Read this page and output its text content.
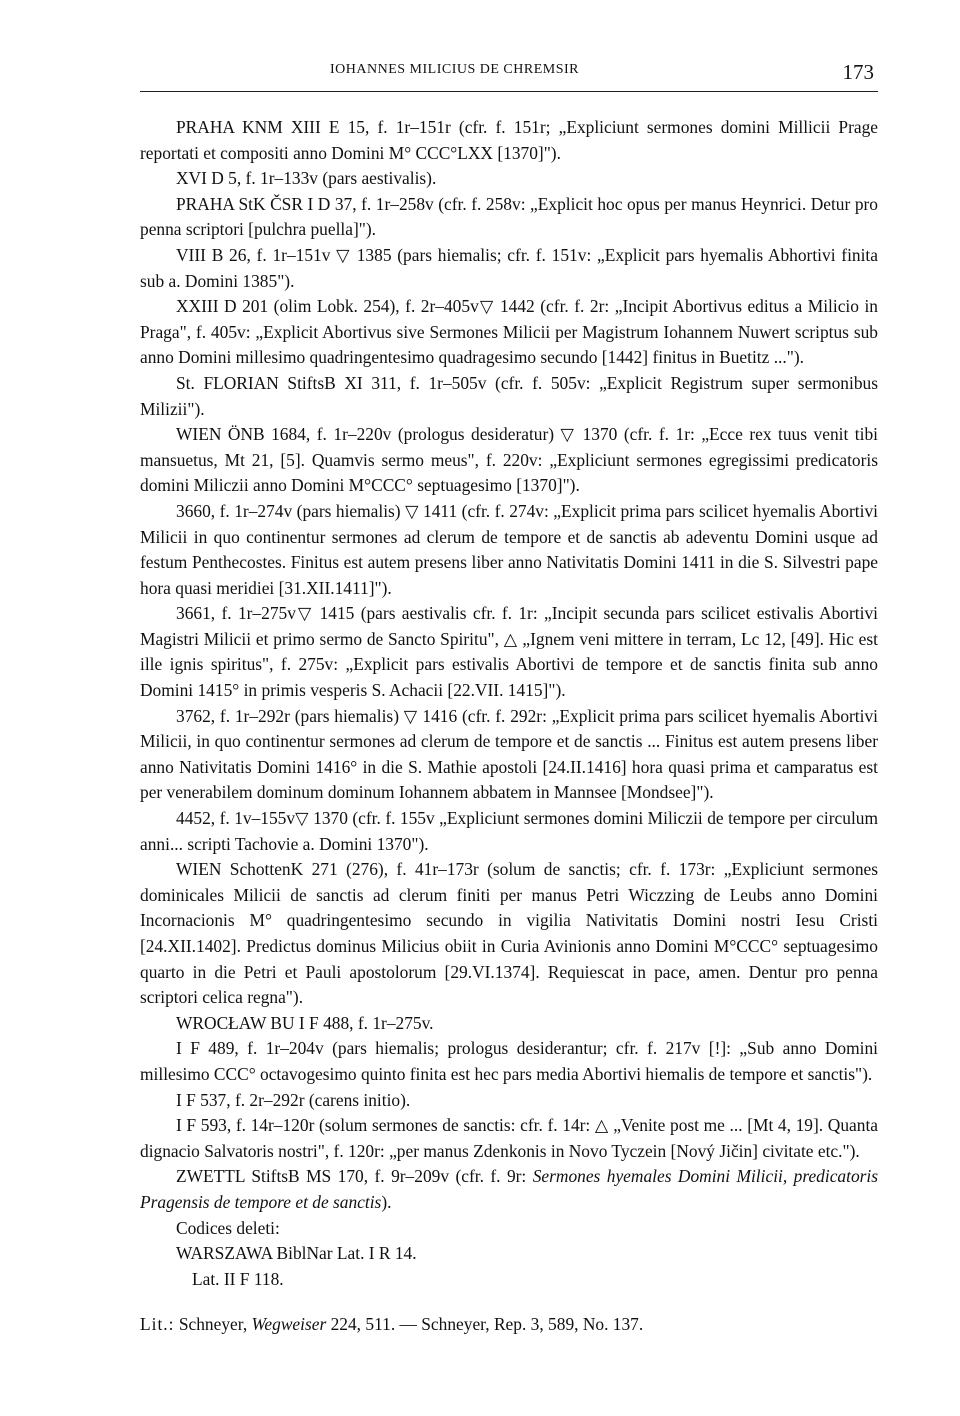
IOHANNES MILICIUS DE CHREMSIR	173

PRAHA KNM XIII E 15, f. 1r–151r (cfr. f. 151r; „Expliciunt sermones domini Millicii Prage reportati et compositi anno Domini M° CCC°LXX [1370]").

XVI D 5, f. 1r–133v (pars aestivalis).

PRAHA StK ČSR I D 37, f. 1r–258v (cfr. f. 258v: „Explicit hoc opus per manus Heynrici. Detur pro penna scriptori [pulchra puella]").

VIII B 26, f. 1r–151v ▽ 1385 (pars hiemalis; cfr. f. 151v: „Explicit pars hyemalis Abhortivi finita sub a. Domini 1385").

XXIII D 201 (olim Lobk. 254), f. 2r–405v▽ 1442 (cfr. f. 2r: „Incipit Abortivus editus a Milicio in Praga", f. 405v: „Explicit Abortivus sive Sermones Milicii per Magistrum Iohannem Nuwert scriptus sub anno Domini millesimo quadringentesimo quadragesimo secundo [1442] finitus in Buetitz ...").

St. FLORIAN StiftsB XI 311, f. 1r–505v (cfr. f. 505v: „Explicit Registrum super sermonibus Milizii").

WIEN ÖNB 1684, f. 1r–220v (prologus desideratur) ▽ 1370 (cfr. f. 1r: „Ecce rex tuus venit tibi mansuetus, Mt 21, [5]. Quamvis sermo meus", f. 220v: „Expliciunt sermones egregissimi predicatoris domini Miliczii anno Domini M°CCC° septuagesimo [1370]").

3660, f. 1r–274v (pars hiemalis) ▽ 1411 (cfr. f. 274v: „Explicit prima pars scilicet hyemalis Abortivi Milicii in quo continentur sermones ad clerum de tempore et de sanctis ab adeventu Domini usque ad festum Penthecostes. Finitus est autem presens liber anno Nativitatis Domini 1411 in die S. Silvestri pape hora quasi meridiei [31.XII.1411]").

3661, f. 1r–275v▽ 1415 (pars aestivalis cfr. f. 1r: „Incipit secunda pars scilicet estivalis Abortivi Magistri Milicii et primo sermo de Sancto Spiritu", △ „Ignem veni mittere in terram, Lc 12, [49]. Hic est ille ignis spiritus", f. 275v: „Explicit pars estivalis Abortivi de tempore et de sanctis finita sub anno Domini 1415° in primis vesperis S. Achacii [22.VII. 1415]").

3762, f. 1r–292r (pars hiemalis) ▽ 1416 (cfr. f. 292r: „Explicit prima pars scilicet hyemalis Abortivi Milicii, in quo continentur sermones ad clerum de tempore et de sanctis ... Finitus est autem presens liber anno Nativitatis Domini 1416° in die S. Mathie apostoli [24.II.1416] hora quasi prima et camparatus est per venerabilem dominum dominum Iohannem abbatem in Mannsee [Mondsee]").

4452, f. 1v–155v▽ 1370 (cfr. f. 155v „Expliciunt sermones domini Miliczii de tempore per circulum anni... scripti Tachovie a. Domini 1370").

WIEN SchottenK 271 (276), f. 41r–173r (solum de sanctis; cfr. f. 173r: „Expliciunt sermones dominicales Milicii de sanctis ad clerum finiti per manus Petri Wiczzing de Leubs anno Domini Incornacionis M° quadringentesimo secundo in vigilia Nativitatis Domini nostri Iesu Cristi [24.XII.1402]. Predictus dominus Milicius obiit in Curia Avinionis anno Domini M°CCC° septuagesimo quarto in die Petri et Pauli apostolorum [29.VI.1374]. Requiescat in pace, amen. Dentur pro penna scriptori celica regna").

WROCŁAW BU I F 488, f. 1r–275v.

I F 489, f. 1r–204v (pars hiemalis; prologus desiderantur; cfr. f. 217v [!]: „Sub anno Domini millesimo CCC° octavogesimo quinto finita est hec pars media Abortivi hiemalis de tempore et sanctis").

I F 537, f. 2r–292r (carens initio).

I F 593, f. 14r–120r (solum sermones de sanctis: cfr. f. 14r: △ „Venite post me ... [Mt 4, 19]. Quanta dignacio Salvatoris nostri", f. 120r: „per manus Zdenkonis in Novo Tyczein [Nový Jičin] civitate etc.").

ZWETTL StiftsB MS 170, f. 9r–209v (cfr. f. 9r: Sermones hyemales Domini Milicii, predicatoris Pragensis de tempore et de sanctis).

Codices deleti:

WARSZAWA BiblNar Lat. I R 14.

Lat. II F 118.

Lit.: Schneyer, Wegweiser 224, 511. — Schneyer, Rep. 3, 589, No. 137.
